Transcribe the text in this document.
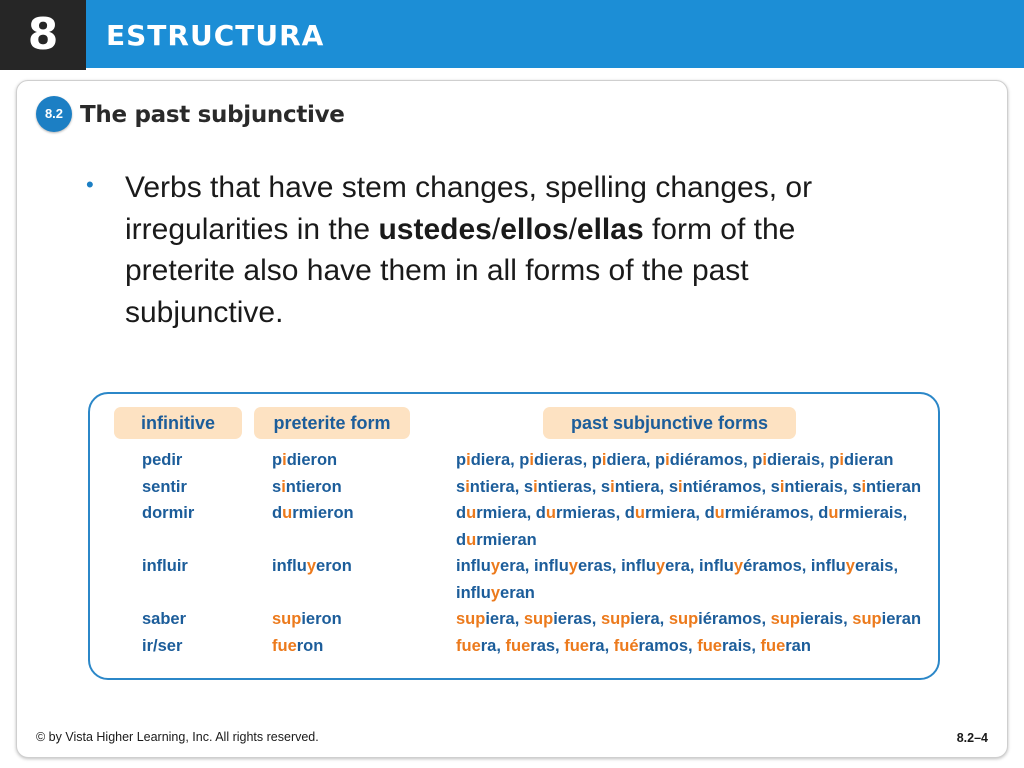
8	ESTRUCTURA
8.2 The past subjunctive
• Verbs that have stem changes, spelling changes, or irregularities in the ustedes/ellos/ellas form of the preterite also have them in all forms of the past subjunctive.
infinitive	preterite form	past subjunctive forms
pedir	pidieron	pidiera, pidieras, pidiera, pidiéramos, pidierais, pidieran
sentir	sintieron	sintiera, sintieras, sintiera, sintiéramos, sintierais, sintieran
dormir	durmieron	durmiera, durmieras, durmiera, durmiéramos, durmierais,
durmieran
influir	influyeron	influyera, influyeras, influyera, influyéramos, influyerais,
influyeran
saber	supieron	supiera, supieras, supiera, supiéramos, supierais, supieran
ir/ser	fueron	fuera, fueras, fuera, fuéramos, fuerais, fueran
© by Vista Higher Learning, Inc. All rights reserved.	8.2–4
